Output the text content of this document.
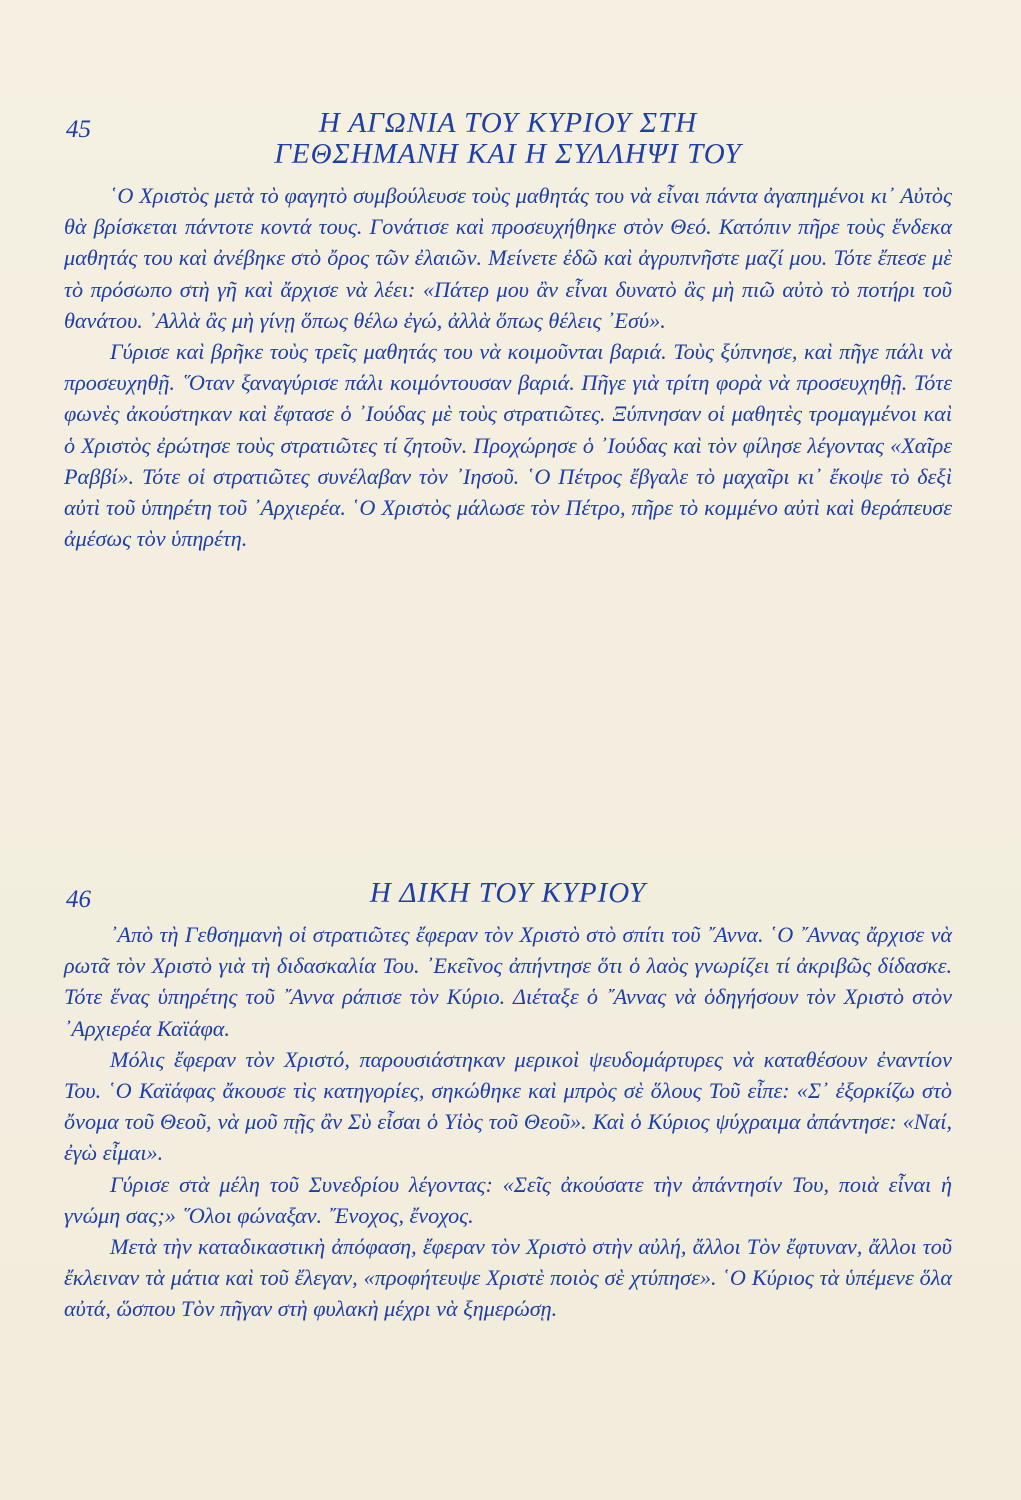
45	Η ΑΓΩΝΙΑ ΤΟΥ ΚΥΡΙΟΥ ΣΤΗ
ΓΕΘΣΗΜΑΝΗ ΚΑΙ Η ΣΥΛΛΗΨΙ ΤΟΥ

῾Ο Χριστὸς μετὰ τὸ φαγητὸ συμβούλευσε τοὺς μαθητάς του νὰ εἶναι πάντα ἀγαπημένοι κι᾿ Αὐτὸς θὰ βρίσκεται πάντοτε κοντά τους. Γονάτισε καὶ προσευχήθηκε στὸν Θεό. Κατόπιν πῆρε τοὺς ἕνδεκα μαθητάς του καὶ ἀνέβηκε στὸ ὄρος τῶν ἐλαιῶν. Μείνετε ἐδῶ καὶ ἀγρυπνῆστε μαζί μου. Τότε ἔπεσε μὲ τὸ πρόσωπο στὴ γῆ καὶ ἄρχισε νὰ λέει: «Πάτερ μου ἂν εἶναι δυνατὸ ἂς μὴ πιῶ αὐτὸ τὸ ποτήρι τοῦ θανάτου. ᾿Αλλὰ ἂς μὴ γίνῃ ὅπως θέλω ἐγώ, ἀλλὰ ὅπως θέλεις ᾿Εσύ».

Γύρισε καὶ βρῆκε τοὺς τρεῖς μαθητάς του νὰ κοιμοῦνται βαριά. Τοὺς ξύπνησε, καὶ πῆγε πάλι νὰ προσευχηθῇ. ῞Οταν ξαναγύρισε πάλι κοιμόντουσαν βαριά. Πῆγε γιὰ τρίτη φορὰ νὰ προσευχηθῇ. Τότε φωνὲς ἀκούστηκαν καὶ ἔφτασε ὁ ᾿Ιούδας μὲ τοὺς στρατιῶτες. Ξύπνησαν οἱ μαθητὲς τρομαγμένοι καὶ ὁ Χριστὸς ἐρώτησε τοὺς στρατιῶτες τί ζητοῦν. Προχώρησε ὁ ᾿Ιούδας καὶ τὸν φίλησε λέγοντας «Χαῖρε Ραββί». Τότε οἱ στρατιῶτες συνέλαβαν τὸν ᾿Ιησοῦ. ῾Ο Πέτρος ἔβγαλε τὸ μαχαῖρι κι᾿ ἔκοψε τὸ δεξὶ αὐτὶ τοῦ ὑπηρέτη τοῦ ᾿Αρχιερέα. ῾Ο Χριστὸς μάλωσε τὸν Πέτρο, πῆρε τὸ κομμένο αὐτὶ καὶ θεράπευσε ἀμέσως τὸν ὑπηρέτη.

46	Η ΔΙΚΗ ΤΟΥ ΚΥΡΙΟΥ

᾿Απὸ τὴ Γεθσημανὴ οἱ στρατιῶτες ἔφεραν τὸν Χριστὸ στὸ σπίτι τοῦ ῎Αννα. ῾Ο ῎Αννας ἄρχισε νὰ ρωτᾶ τὸν Χριστὸ γιὰ τὴ διδασκαλία Του. ᾿Εκεῖνος ἀπήντησε ὅτι ὁ λαὸς γνωρίζει τί ἀκριβῶς δίδασκε. Τότε ἕνας ὑπηρέτης τοῦ ῎Αννα ράπισε τὸν Κύριο. Διέταξε ὁ ῎Αννας νὰ ὁδηγήσουν τὸν Χριστὸ στὸν ᾿Αρχιερέα Καϊάφα.

Μόλις ἔφεραν τὸν Χριστό, παρουσιάστηκαν μερικοὶ ψευδομάρτυρες νὰ καταθέσουν ἐναντίον Του. ῾Ο Καϊάφας ἄκουσε τὶς κατηγορίες, σηκώθηκε καὶ μπρὸς σὲ ὅλους Τοῦ εἶπε: «Σ᾿ ἐξορκίζω στὸ ὄνομα τοῦ Θεοῦ, νὰ μοῦ πῇς ἂν Σὺ εἶσαι ὁ Υἱὸς τοῦ Θεοῦ». Καὶ ὁ Κύριος ψύχραιμα ἀπάντησε: «Ναί, ἐγὼ εἶμαι».

Γύρισε στὰ μέλη τοῦ Συνεδρίου λέγοντας: «Σεῖς ἀκούσατε τὴν ἀπάντησίν Του, ποιὰ εἶναι ἡ γνώμη σας;» ῞Ολοι φώναξαν. ῎Ενοχος, ἔνοχος.

Μετὰ τὴν καταδικαστικὴ ἀπόφαση, ἔφεραν τὸν Χριστὸ στὴν αὐλή, ἄλλοι Τὸν ἔφτυναν, ἄλλοι τοῦ ἔκλειναν τὰ μάτια καὶ τοῦ ἔλεγαν, «προφήτευψε Χριστὲ ποιὸς σὲ χτύπησε». ῾Ο Κύριος τὰ ὑπέμενε ὅλα αὐτά, ὥσπου Τὸν πῆγαν στὴ φυλακὴ μέχρι νὰ ξημερώσῃ.
